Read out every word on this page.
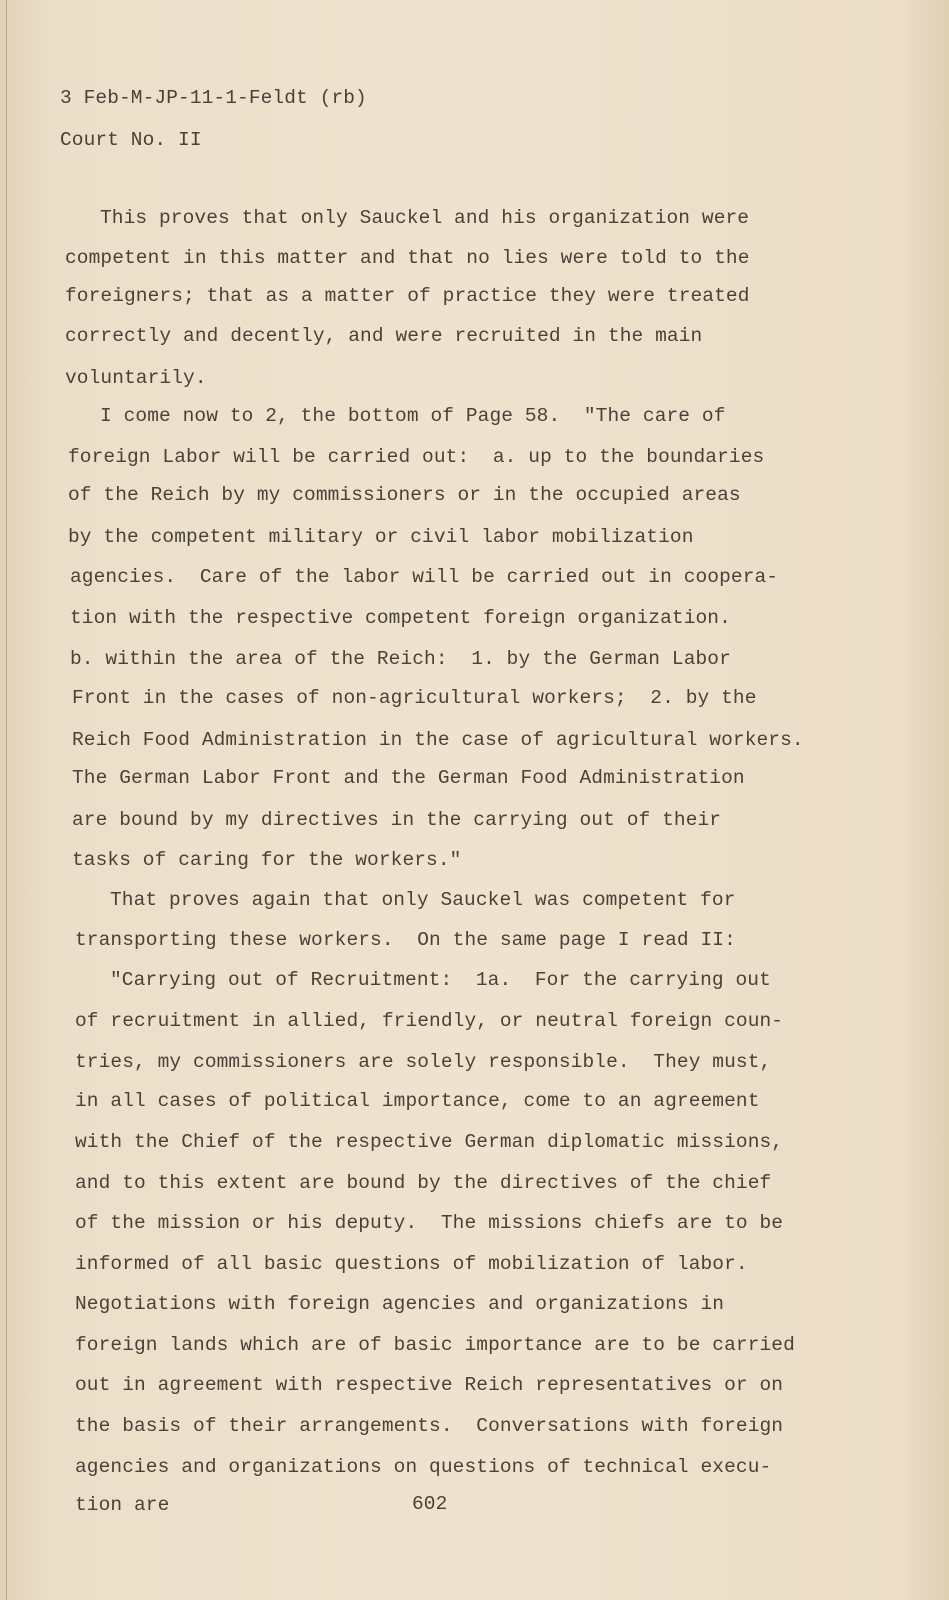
3 Feb-M-JP-11-1-Feldt (rb)
Court No. II
This proves that only Sauckel and his organization were
competent in this matter and that no lies were told to the
foreigners; that as a matter of practice they were treated
correctly and decently, and were recruited in the main
voluntarily.
I come now to 2, the bottom of Page 58.  "The care of
foreign Labor will be carried out:  a. up to the boundaries
of the Reich by my commissioners or in the occupied areas
by the competent military or civil labor mobilization
agencies.  Care of the labor will be carried out in coopera-
tion with the respective competent foreign organization.
b. within the area of the Reich:  1. by the German Labor
Front in the cases of non-agricultural workers;  2. by the
Reich Food Administration in the case of agricultural workers.
The German Labor Front and the German Food Administration
are bound by my directives in the carrying out of their
tasks of caring for the workers."
That proves again that only Sauckel was competent for
transporting these workers.  On the same page I read II:
"Carrying out of Recruitment:  1a.  For the carrying out
of recruitment in allied, friendly, or neutral foreign coun-
tries, my commissioners are solely responsible.  They must,
in all cases of political importance, come to an agreement
with the Chief of the respective German diplomatic missions,
and to this extent are bound by the directives of the chief
of the mission or his deputy.  The missions chiefs are to be
informed of all basic questions of mobilization of labor.
Negotiations with foreign agencies and organizations in
foreign lands which are of basic importance are to be carried
out in agreement with respective Reich representatives or on
the basis of their arrangements.  Conversations with foreign
agencies and organizations on questions of technical execu-
tion are	602
